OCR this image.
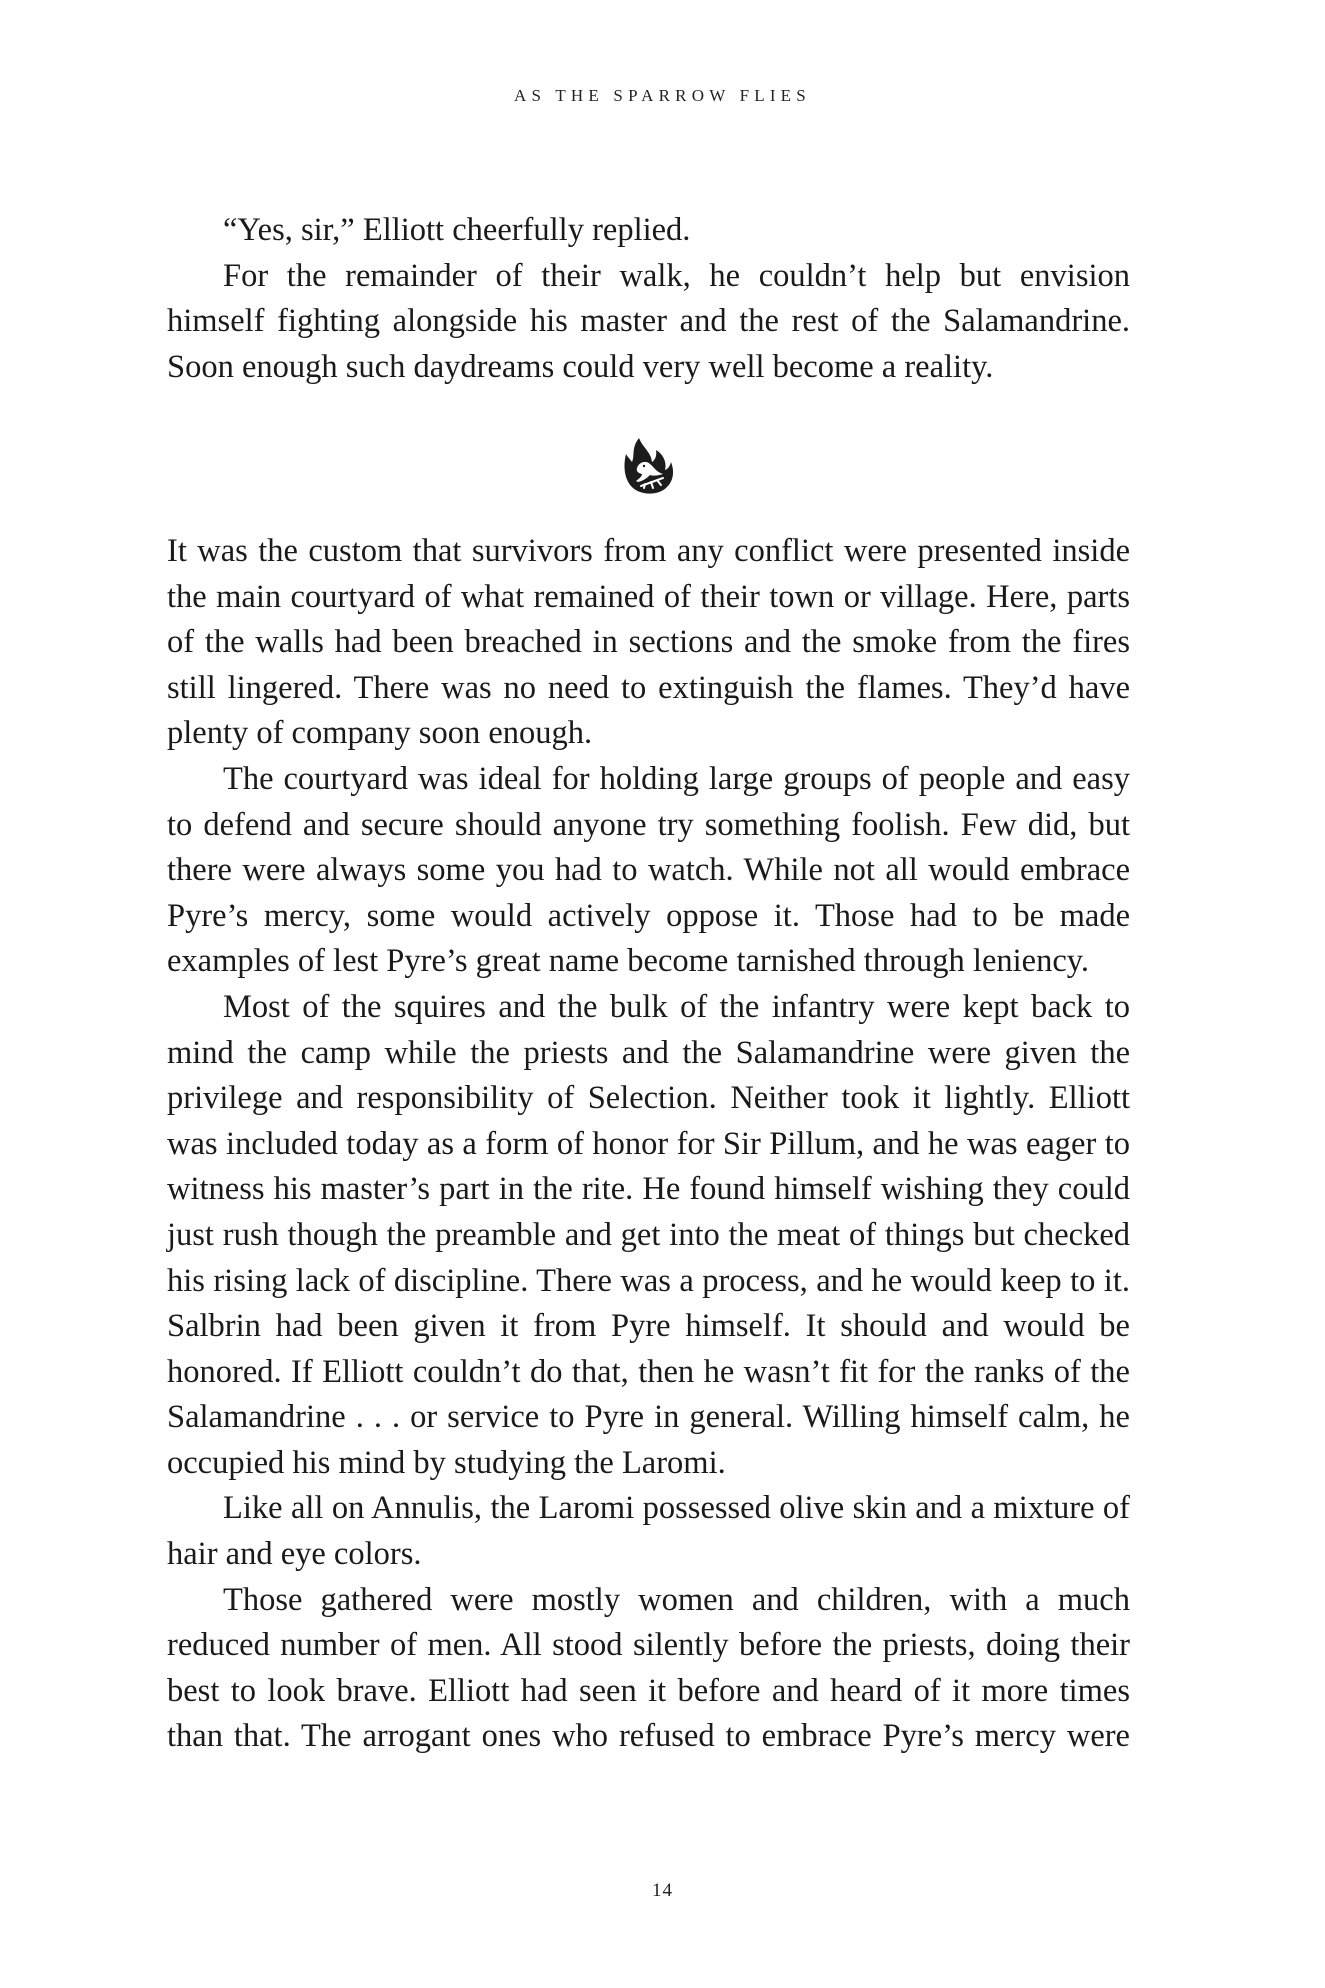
AS THE SPARROW FLIES

“Yes, sir,” Elliott cheerfully replied.

For the remainder of their walk, he couldn’t help but envision himself fighting alongside his master and the rest of the Salamandrine. Soon enough such daydreams could very well become a reality.

It was the custom that survivors from any conflict were presented inside the main courtyard of what remained of their town or village. Here, parts of the walls had been breached in sections and the smoke from the fires still lingered. There was no need to extinguish the flames. They’d have plenty of company soon enough.

The courtyard was ideal for holding large groups of people and easy to defend and secure should anyone try something foolish. Few did, but there were always some you had to watch. While not all would embrace Pyre’s mercy, some would actively oppose it. Those had to be made examples of lest Pyre’s great name become tarnished through leniency.

Most of the squires and the bulk of the infantry were kept back to mind the camp while the priests and the Salamandrine were given the privilege and responsibility of Selection. Neither took it lightly. Elliott was included today as a form of honor for Sir Pillum, and he was eager to witness his master’s part in the rite. He found himself wishing they could just rush though the preamble and get into the meat of things but checked his rising lack of discipline. There was a process, and he would keep to it. Salbrin had been given it from Pyre himself. It should and would be honored. If Elliott couldn’t do that, then he wasn’t fit for the ranks of the Salamandrine . . . or service to Pyre in general. Willing himself calm, he occupied his mind by studying the Laromi.

Like all on Annulis, the Laromi possessed olive skin and a mixture of hair and eye colors.

Those gathered were mostly women and children, with a much reduced number of men. All stood silently before the priests, doing their best to look brave. Elliott had seen it before and heard of it more times than that. The arrogant ones who refused to embrace Pyre’s mercy were

14
